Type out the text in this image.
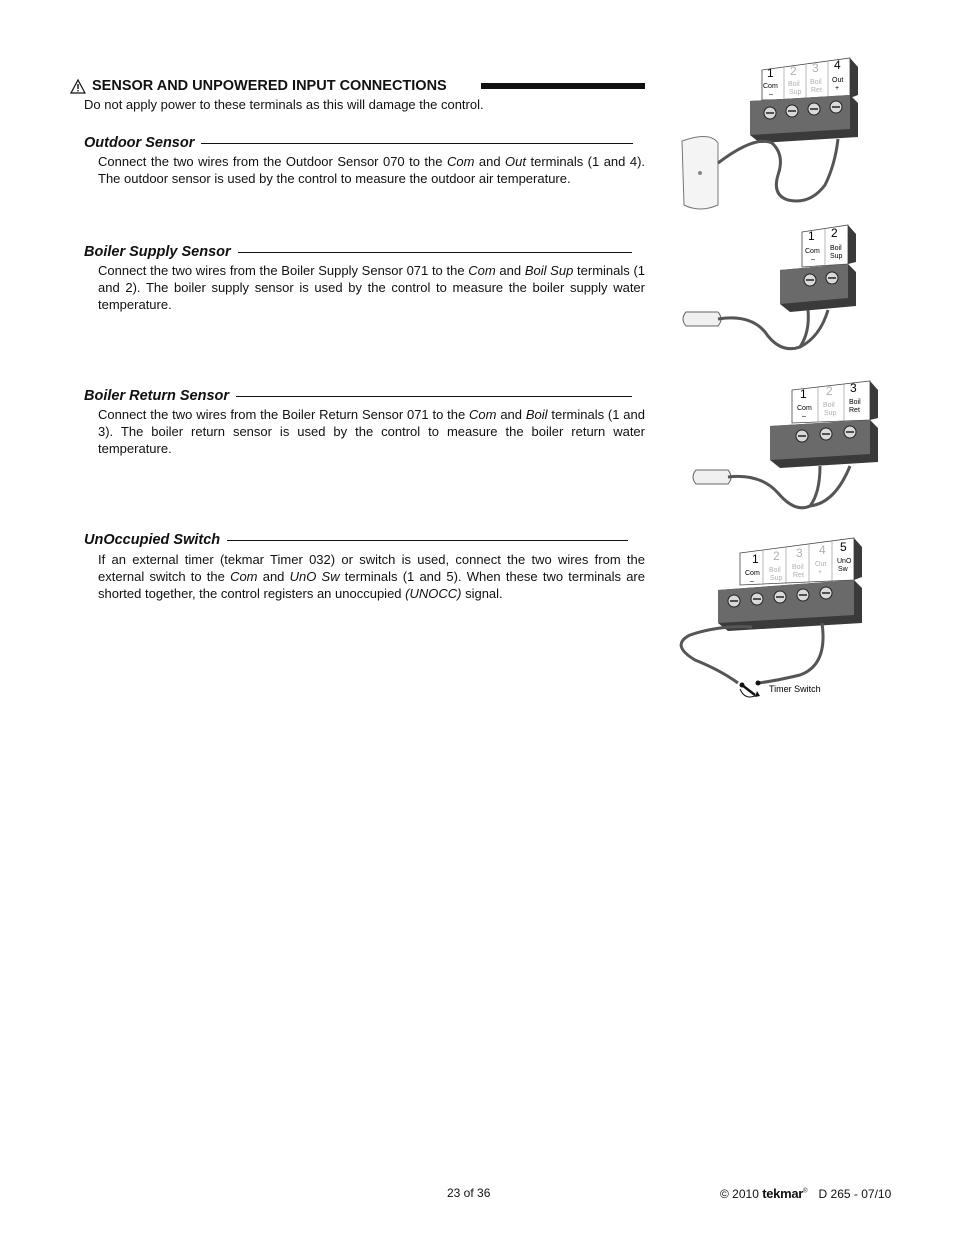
SENSOR AND UNPOWERED INPUT CONNECTIONS
Do not apply power to these terminals as this will damage the control.
Outdoor Sensor
Connect the two wires from the Outdoor Sensor 070 to the Com and Out terminals (1 and 4). The outdoor sensor is used by the control to measure the outdoor air temperature.
Boiler Supply Sensor
Connect the two wires from the Boiler Supply Sensor 071 to the Com and Boil Sup terminals (1 and 2). The boiler supply sensor is used by the control to measure the boiler supply water temperature.
Boiler Return Sensor
Connect the two wires from the Boiler Return Sensor 071 to the Com and Boil terminals (1 and 3). The boiler return sensor is used by the control to measure the boiler return water temperature.
UnOccupied Switch
If an external timer (tekmar Timer 032) or switch is used, connect the two wires from the external switch to the Com and UnO Sw terminals (1 and 5). When these two terminals are shorted together, the control registers an unoccupied (UNOCC) signal.
1 2 3 4
Com Boil Boil Out
– Sup Ret +
1 2
Com Boil
– Sup
1 2 3
Com Boil Boil
–	Sup Ret
1 2 3 4 5
Com Boil Boil Out UnO
– Sup Ret + Sw
Timer Switch
23 of 36	© 2010 tekmar® D 265 - 07/10
